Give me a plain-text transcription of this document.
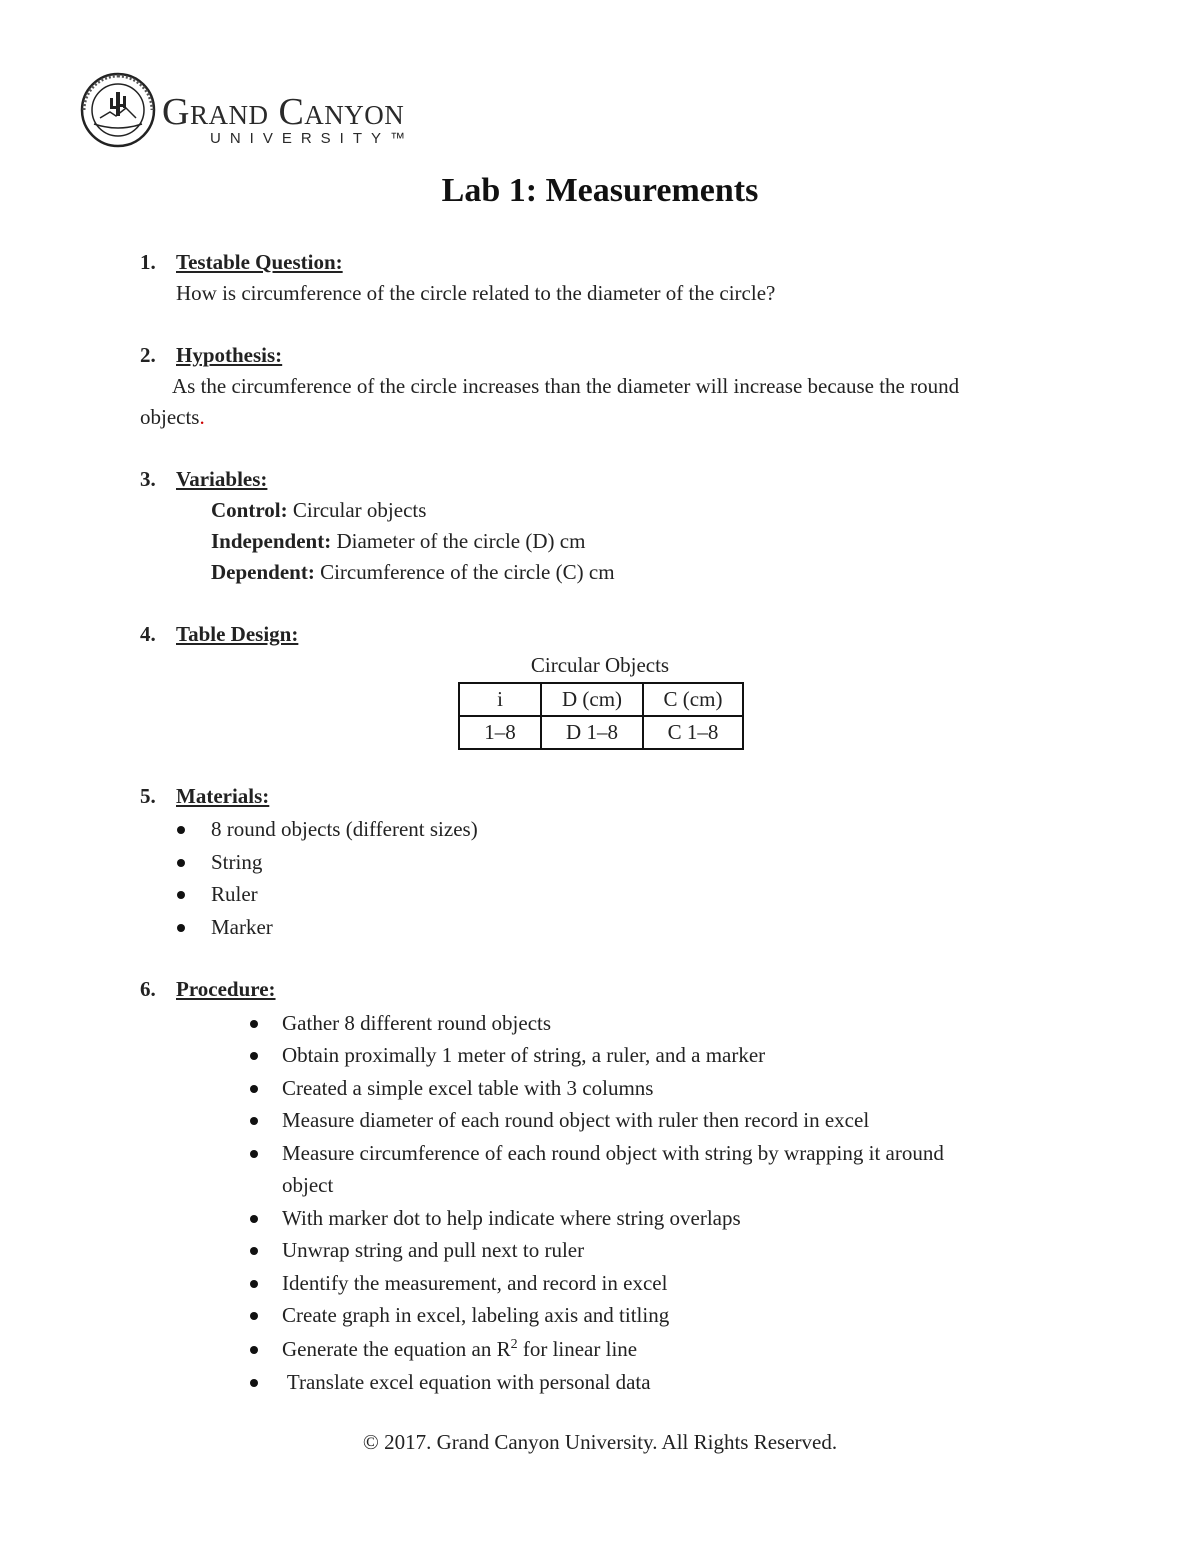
Grand Canyon
UNIVERSITY™
Lab 1: Measurements
1. Testable Question:
How is circumference of the circle related to the diameter of the circle?
2. Hypothesis:
As the circumference of the circle increases than the diameter will increase because the round
objects.
3. Variables:
Control: Circular objects
Independent: Diameter of the circle (D) cm
Dependent: Circumference of the circle (C) cm
4. Table Design:
Circular Objects
i	D (cm)	C (cm)
1–8	D 1–8	C 1–8
5. Materials:
8 round objects (different sizes)
String
Ruler
Marker
6. Procedure:
Gather 8 different round objects
Obtain proximally 1 meter of string, a ruler, and a marker
Created a simple excel table with 3 columns
Measure diameter of each round object with ruler then record in excel
Measure circumference of each round object with string by wrapping it around
object
With marker dot to help indicate where string overlaps
Unwrap string and pull next to ruler
Identify the measurement, and record in excel
Create graph in excel, labeling axis and titling
Generate the equation an $R^2$ for linear line
Translate excel equation with personal data
© 2017. Grand Canyon University. All Rights Reserved.
